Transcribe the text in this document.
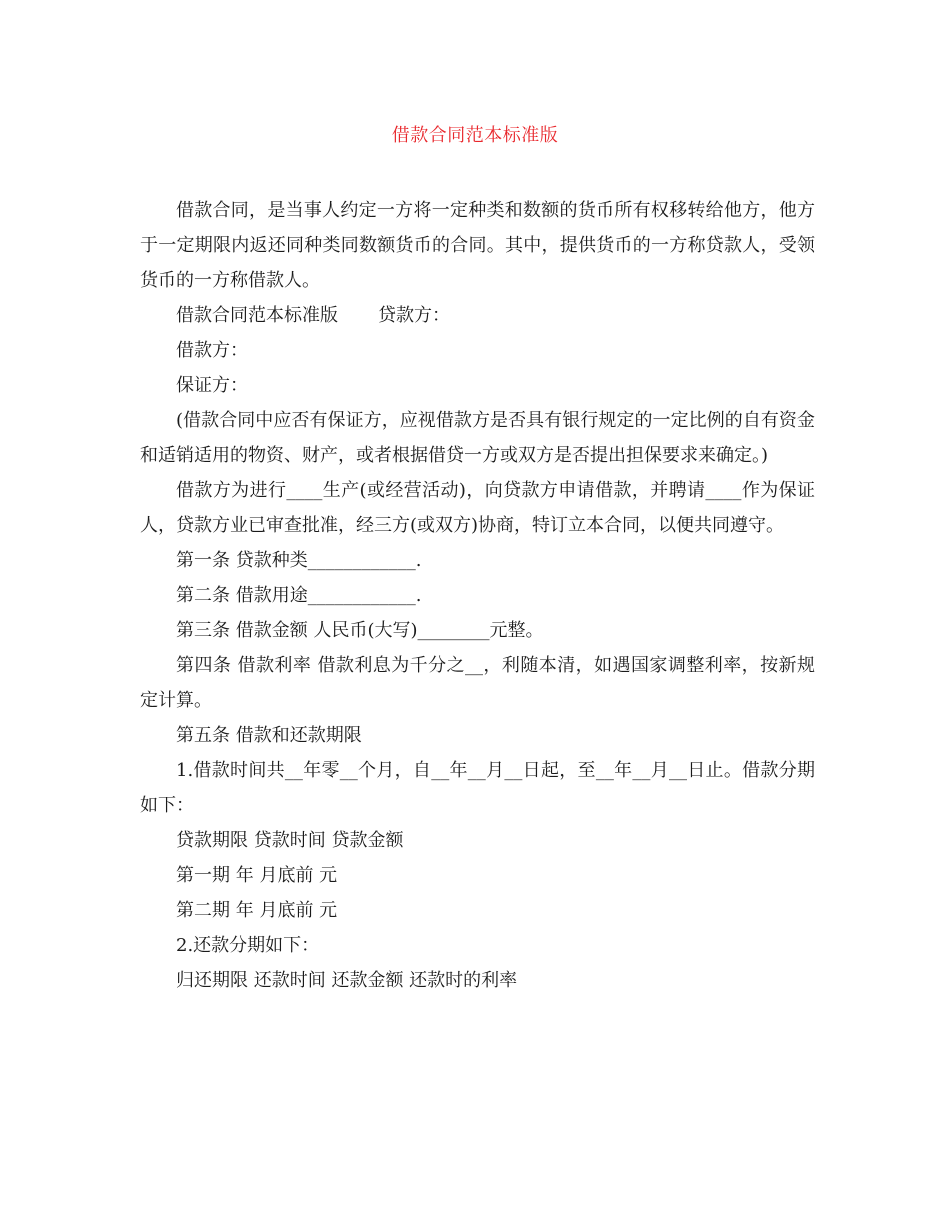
借款合同范本标准版

借款合同，是当事人约定一方将一定种类和数额的货币所有权移转给他方，他方于一定期限内返还同种类同数额货币的合同。其中，提供货币的一方称贷款人，受领货币的一方称借款人。

借款合同范本标准版 贷款方：

借款方：

保证方：

(借款合同中应否有保证方，应视借款方是否具有银行规定的一定比例的自有资金和适销适用的物资、财产，或者根据借贷一方或双方是否提出担保要求来确定。)

借款方为进行____生产(或经营活动)，向贷款方申请借款，并聘请____作为保证人，贷款方业已审查批准，经三方(或双方)协商，特订立本合同，以便共同遵守。

第一条 贷款种类____________.

第二条 借款用途____________.

第三条 借款金额 人民币(大写)________元整。

第四条 借款利率 借款利息为千分之__，利随本清，如遇国家调整利率，按新规定计算。

第五条 借款和还款期限

1.借款时间共__年零__个月，自__年__月__日起，至__年__月__日止。借款分期如下：

贷款期限 贷款时间 贷款金额

第一期 年 月底前 元

第二期 年 月底前 元

2.还款分期如下：

归还期限 还款时间 还款金额 还款时的利率
